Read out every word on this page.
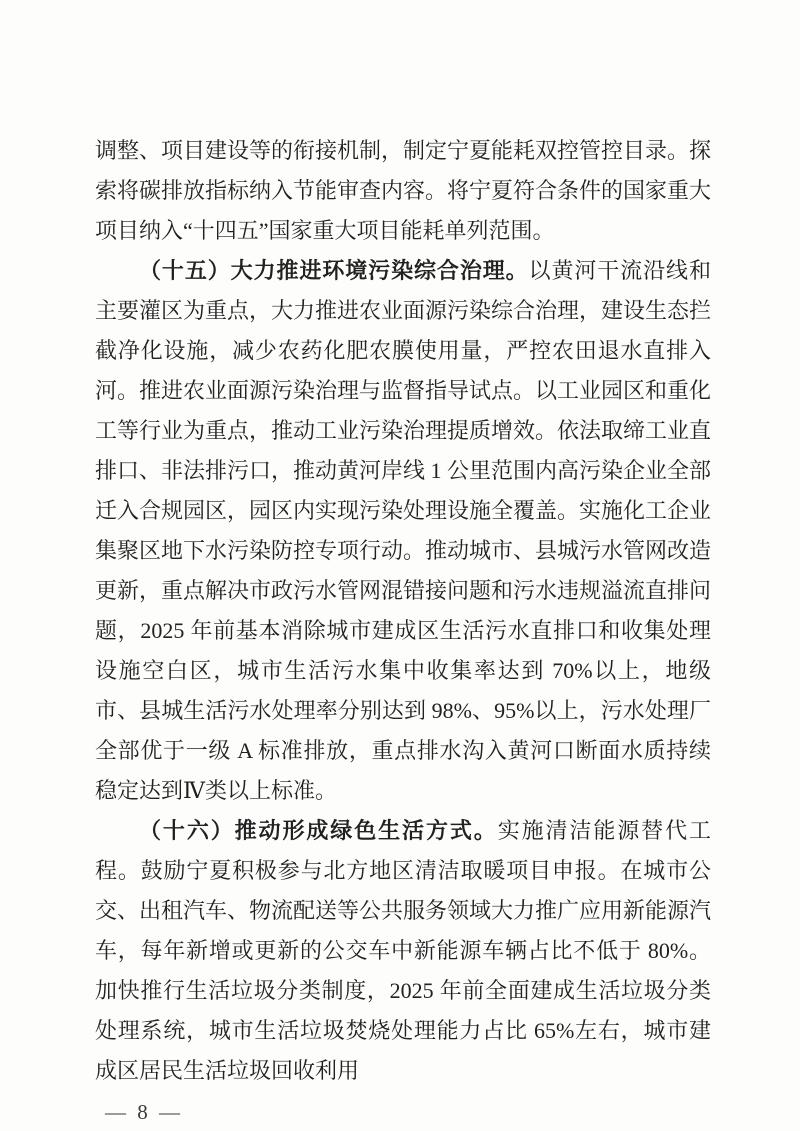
调整、项目建设等的衔接机制，制定宁夏能耗双控管控目录。探索将碳排放指标纳入节能审查内容。将宁夏符合条件的国家重大项目纳入“十四五”国家重大项目能耗单列范围。

（十五）大力推进环境污染综合治理。以黄河干流沿线和主要灌区为重点，大力推进农业面源污染综合治理，建设生态拦截净化设施，减少农药化肥农膜使用量，严控农田退水直排入河。推进农业面源污染治理与监督指导试点。以工业园区和重化工等行业为重点，推动工业污染治理提质增效。依法取缔工业直排口、非法排污口，推动黄河岸线 1 公里范围内高污染企业全部迁入合规园区，园区内实现污染处理设施全覆盖。实施化工企业集聚区地下水污染防控专项行动。推动城市、县城污水管网改造更新，重点解决市政污水管网混错接问题和污水违规溢流直排问题，2025 年前基本消除城市建成区生活污水直排口和收集处理设施空白区，城市生活污水集中收集率达到 70%以上，地级市、县城生活污水处理率分别达到 98%、95%以上，污水处理厂全部优于一级 A 标准排放，重点排水沟入黄河口断面水质持续稳定达到Ⅳ类以上标准。

（十六）推动形成绿色生活方式。实施清洁能源替代工程。鼓励宁夏积极参与北方地区清洁取暖项目申报。在城市公交、出租汽车、物流配送等公共服务领域大力推广应用新能源汽车，每年新增或更新的公交车中新能源车辆占比不低于 80%。加快推行生活垃圾分类制度，2025 年前全面建成生活垃圾分类处理系统，城市生活垃圾焚烧处理能力占比 65%左右，城市建成区居民生活垃圾回收利用

— 8 —
